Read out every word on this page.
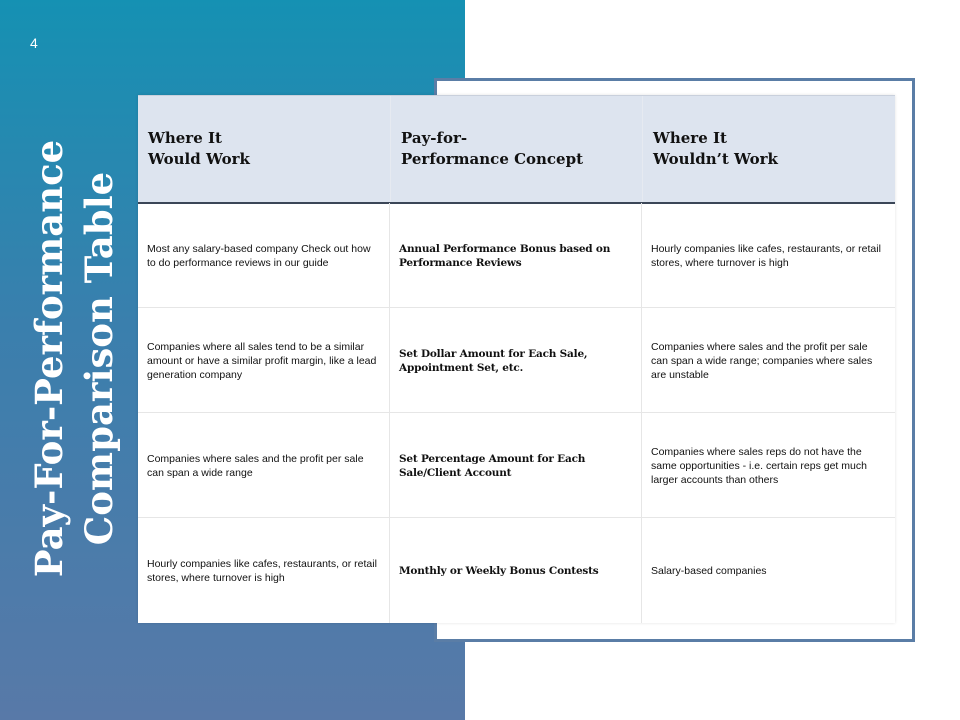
4
Pay-For-Performance Comparison Table
Where It
Would Work
Pay-for-
Performance Concept
Where It
Wouldn’t Work
Most any salary-based company Check out how to do performance reviews in our guide
Annual Performance Bonus based on Performance Reviews
Hourly companies like cafes, restaurants, or retail stores, where turnover is high
Companies where all sales tend to be a similar amount or have a similar profit margin, like a lead generation company
Set Dollar Amount for Each Sale, Appointment Set, etc.
Companies where sales and the profit per sale can span a wide range; companies where sales are unstable
Companies where sales and the profit per sale can span a wide range
Set Percentage Amount for Each Sale/Client Account
Companies where sales reps do not have the same opportunities - i.e. certain reps get much larger accounts than others
Hourly companies like cafes, restaurants, or retail stores, where turnover is high
Monthly or Weekly Bonus Contests	Salary-based companies
